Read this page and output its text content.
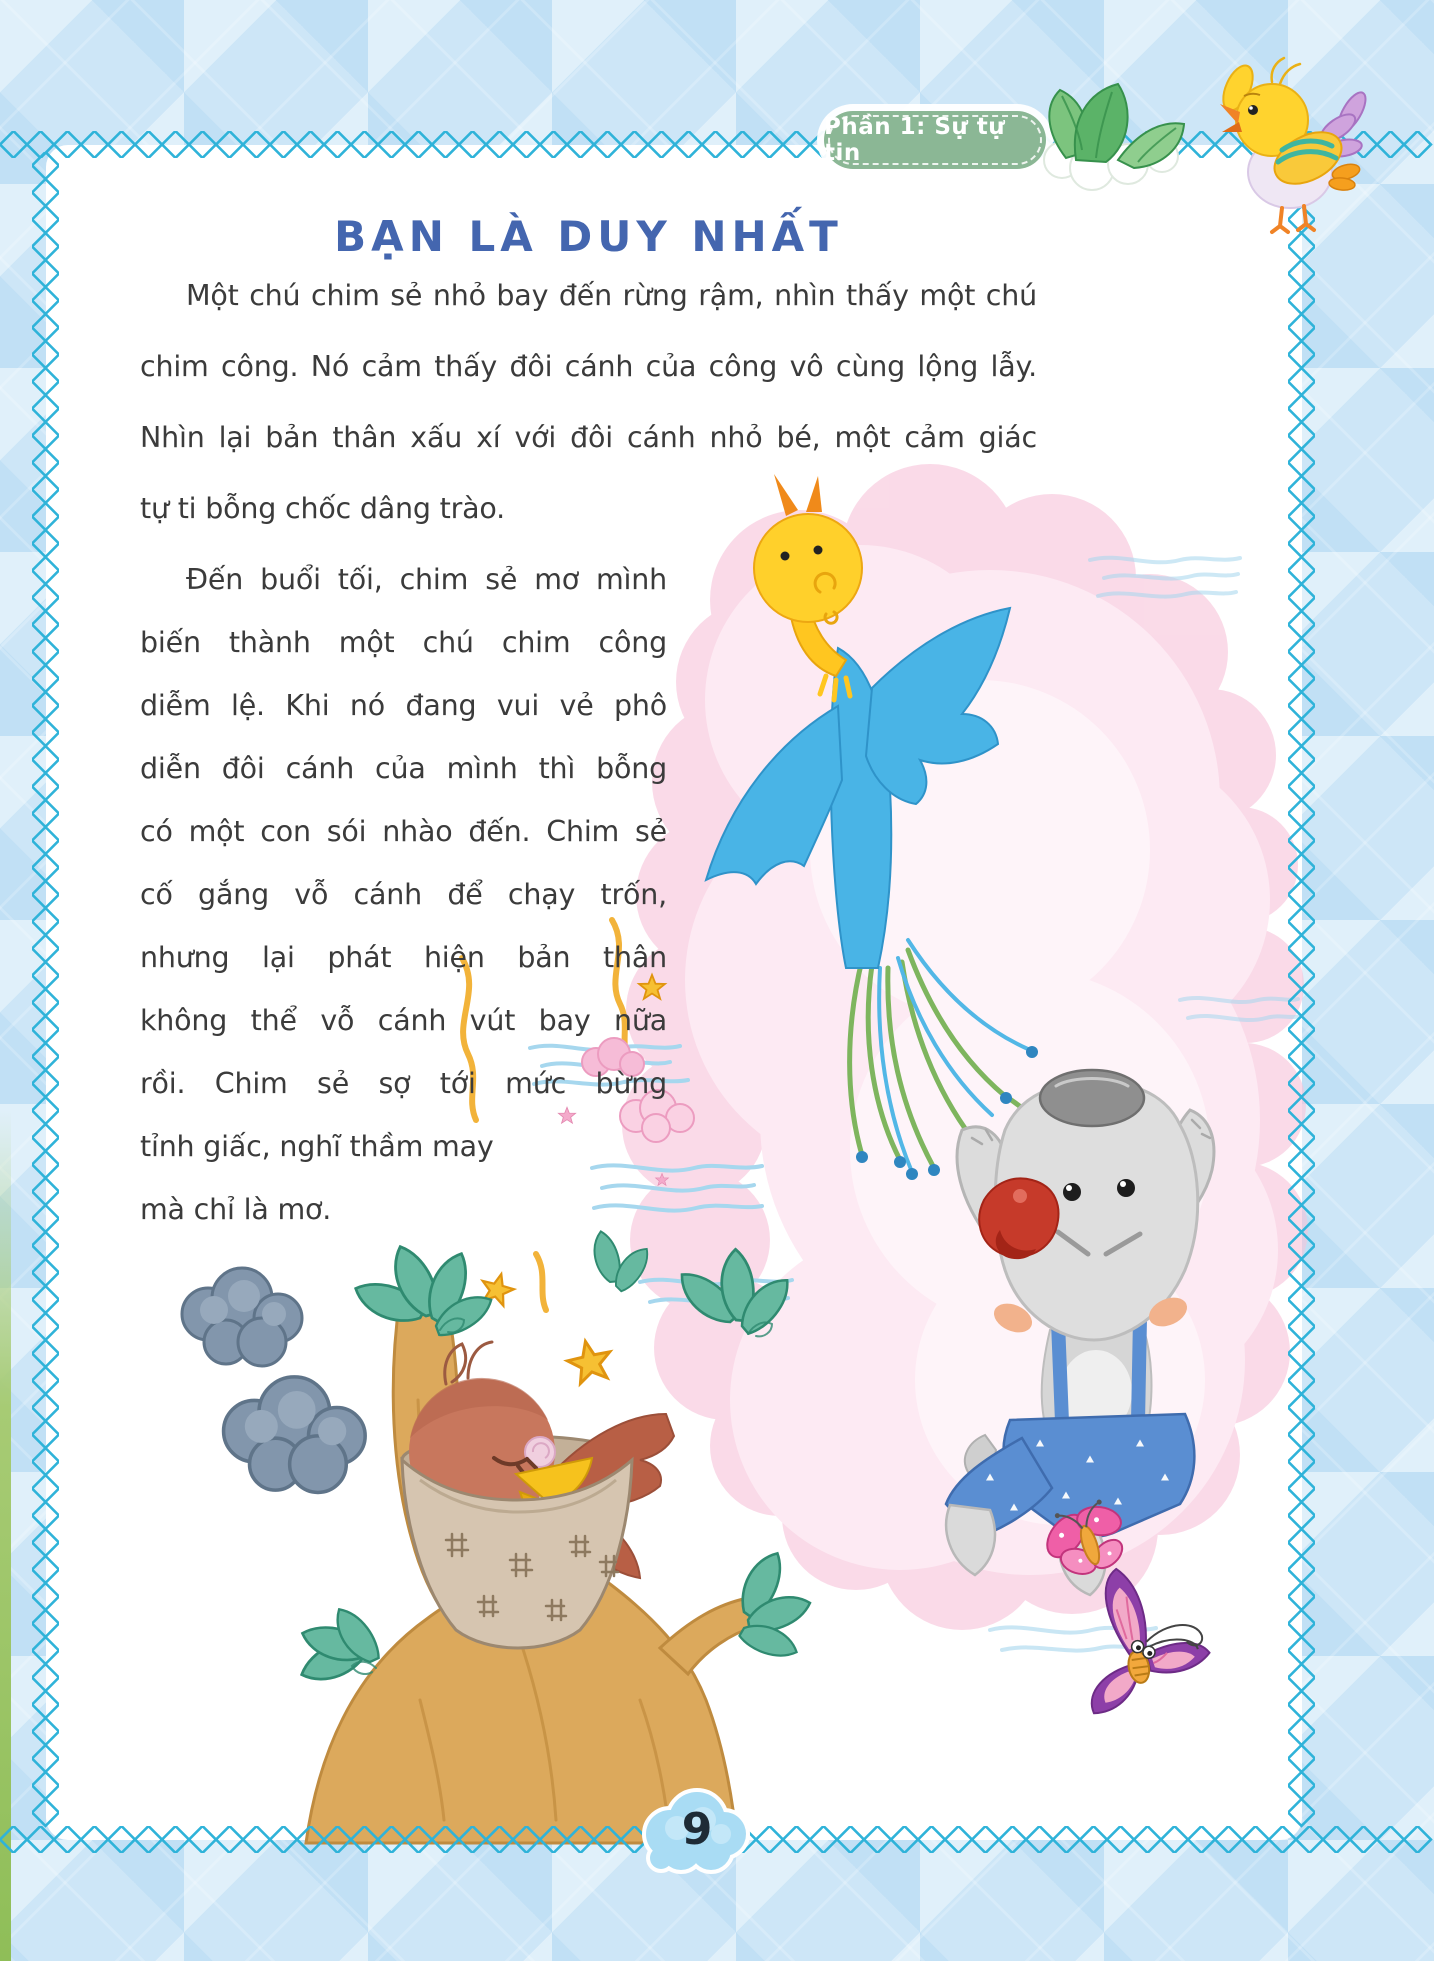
Phần 1: Sự tự tin
BẠN LÀ DUY NHẤT
Một chú chim sẻ nhỏ bay đến rừng rậm, nhìn thấy một chú
chim công. Nó cảm thấy đôi cánh của công vô cùng lộng lẫy.
Nhìn lại bản thân xấu xí với đôi cánh nhỏ bé, một cảm giác
tự ti bỗng chốc dâng trào.
Đến buổi tối, chim sẻ mơ mình
biến thành một chú chim công
diễm lệ. Khi nó đang vui vẻ phô
diễn đôi cánh của mình thì bỗng
có một con sói nhào đến. Chim sẻ
cố gắng vỗ cánh để chạy trốn,
nhưng lại phát hiện bản thân
không thể vỗ cánh vút bay nữa
rồi. Chim sẻ sợ tới mức bừng
tỉnh giấc, nghĩ thầm may
mà chỉ là mơ.
9
